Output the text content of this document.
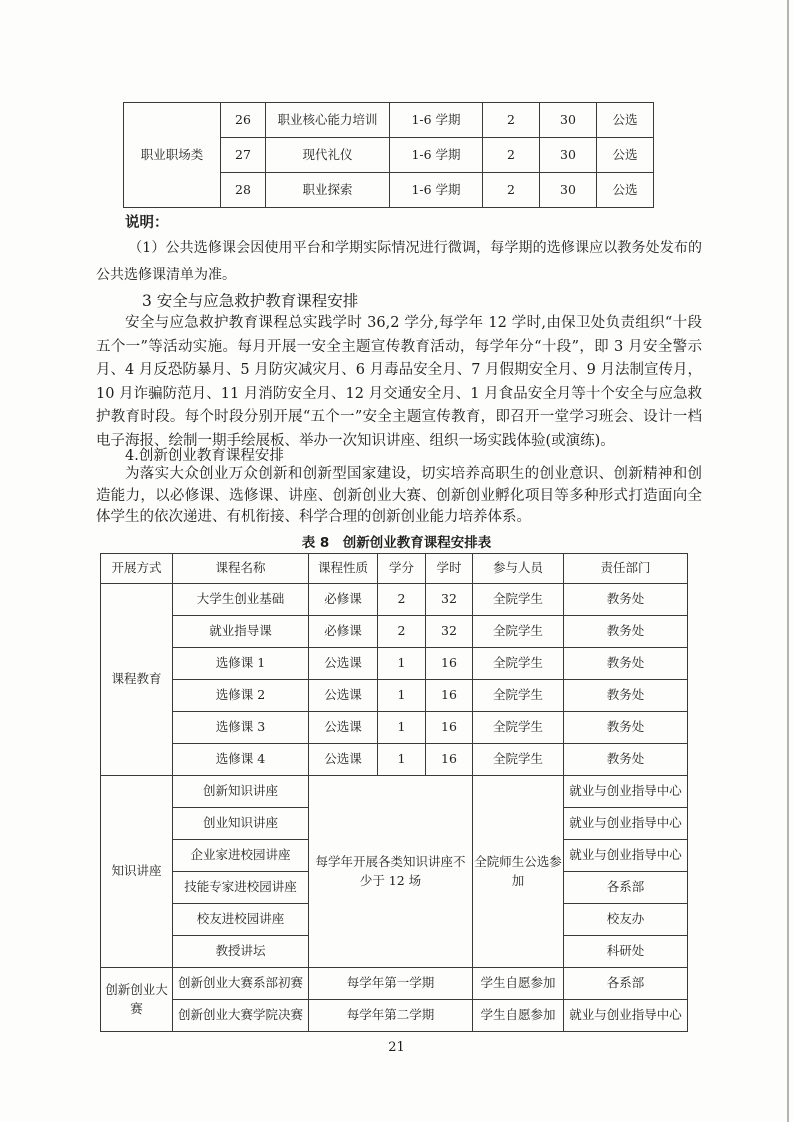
职业职场类	26	职业核心能力培训	1-6 学期	2	30	公选
	27	现代礼仪	1-6 学期	2	30	公选
	28	职业探索	1-6 学期	2	30	公选
说明：
（1）公共选修课会因使用平台和学期实际情况进行微调，每学期的选修课应以教务处发布的公共选修课清单为准。
3 安全与应急救护教育课程安排
安全与应急救护教育课程总实践学时 36,2 学分,每学年 12 学时,由保卫处负责组织“十段五个一”等活动实施。每月开展一安全主题宣传教育活动，每学年分“十段”，即 3 月安全警示月、4 月反恐防暴月、5 月防灾减灾月、6 月毒品安全月、7 月假期安全月、9 月法制宣传月，10 月诈骗防范月、11 月消防安全月、12 月交通安全月、1 月食品安全月等十个安全与应急救护教育时段。每个时段分别开展“五个一”安全主题宣传教育，即召开一堂学习班会、设计一档电子海报、绘制一期手绘展板、举办一次知识讲座、组织一场实践体验(或演练)。
4.创新创业教育课程安排
为落实大众创业万众创新和创新型国家建设，切实培养高职生的创业意识、创新精神和创造能力，以必修课、选修课、讲座、创新创业大赛、创新创业孵化项目等多种形式打造面向全体学生的依次递进、有机衔接、科学合理的创新创业能力培养体系。
表 8　创新创业教育课程安排表
开展方式	课程名称	课程性质	学分	学时	参与人员	责任部门
课程教育	大学生创业基础	必修课	2	32	全院学生	教务处
	就业指导课	必修课	2	32	全院学生	教务处
	选修课 1	公选课	1	16	全院学生	教务处
	选修课 2	公选课	1	16	全院学生	教务处
	选修课 3	公选课	1	16	全院学生	教务处
	选修课 4	公选课	1	16	全院学生	教务处
知识讲座	创新知识讲座	每学年开展各类知识讲座不少于 12 场			全院师生公选参加	就业与创业指导中心
	创业知识讲座					就业与创业指导中心
	企业家进校园讲座					就业与创业指导中心
	技能专家进校园讲座					各系部
	校友进校园讲座					校友办
	教授讲坛					科研处
创新创业大赛	创新创业大赛系部初赛	每学年第一学期			学生自愿参加	各系部
	创新创业大赛学院决赛	每学年第二学期			学生自愿参加	就业与创业指导中心
21
